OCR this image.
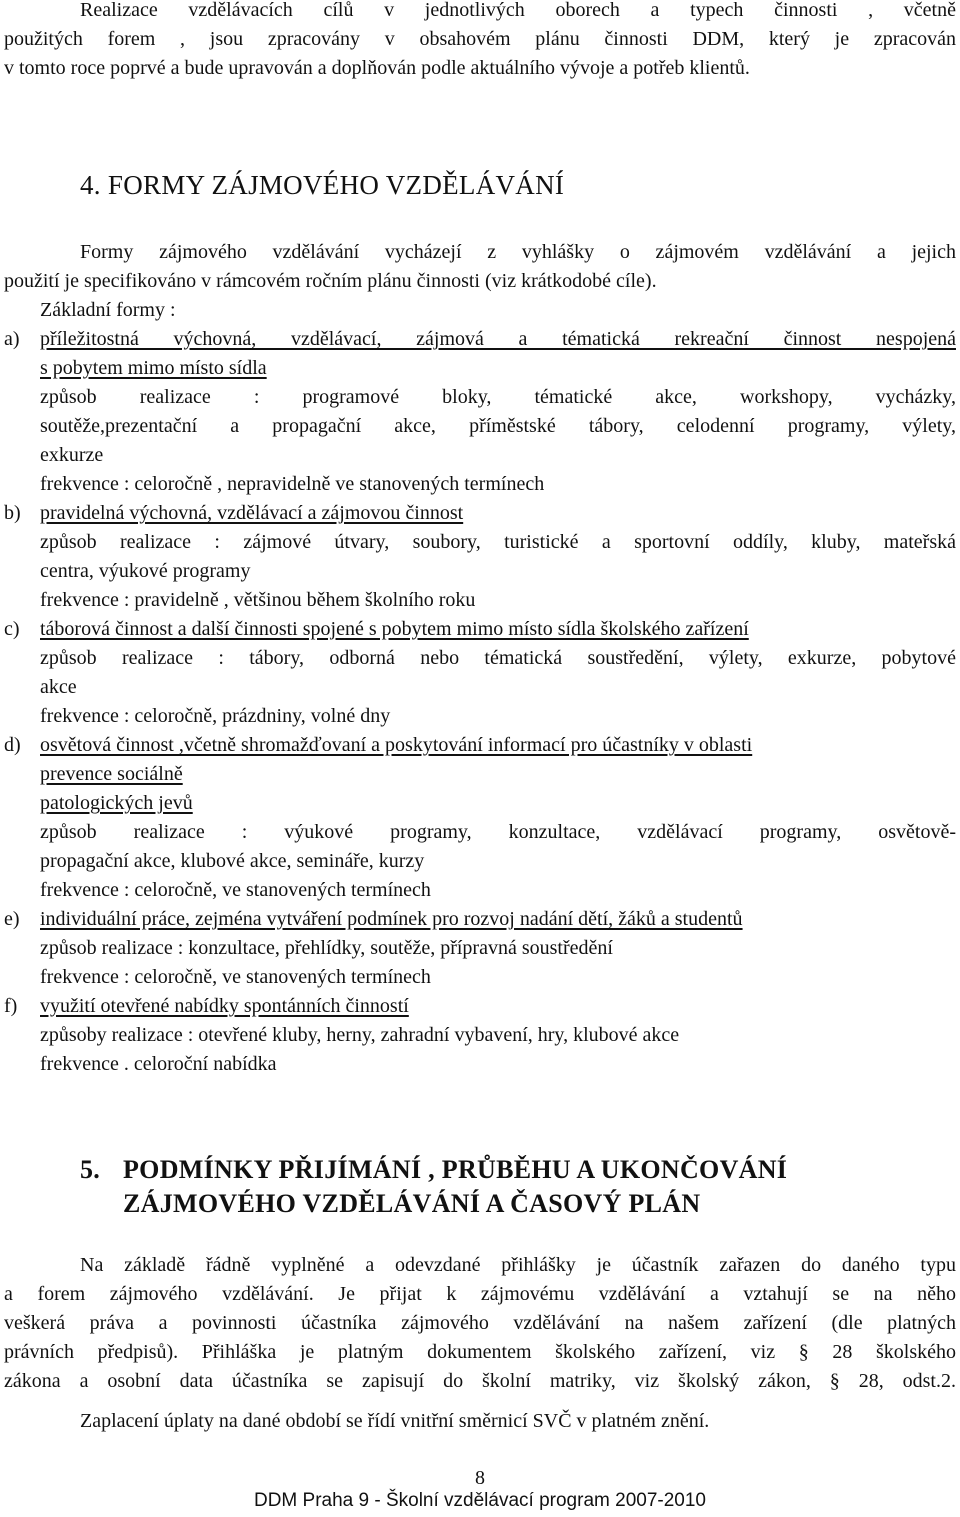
Realizace vzdělávacích cílů v jednotlivých oborech a typech činnosti , včetně
použitých forem , jsou zpracovány v obsahovém plánu činnosti DDM, který je zpracován
v tomto roce poprvé a bude upravován a doplňován podle aktuálního vývoje a potřeb klientů.
4. FORMY ZÁJMOVÉHO VZDĚLÁVÁNÍ
Formy zájmového vzdělávání vycházejí z vyhlášky o zájmovém vzdělávání a jejich
použití je specifikováno v rámcovém ročním plánu činnosti (viz krátkodobé cíle).
Základní formy :
a)	příležitostná výchovná, vzdělávací, zájmová a tématická rekreační činnost nespojená
s pobytem mimo místo sídla
způsob realizace : programové bloky, tématické akce, workshopy, vycházky,
soutěže,prezentační a propagační akce, příměstské tábory, celodenní programy, výlety,
exkurze
frekvence : celoročně , nepravidelně ve stanovených termínech
b) pravidelná výchovná, vzdělávací a zájmovou činnost
způsob realizace : zájmové útvary, soubory, turistické a sportovní oddíly, kluby, mateřská
centra, výukové programy
frekvence : pravidelně , většinou během školního roku
c)	táborová činnost a další činnosti spojené s pobytem mimo místo sídla školského zařízení
způsob realizace : tábory, odborná nebo tématická soustředění, výlety, exkurze, pobytové
akce
frekvence : celoročně, prázdniny, volné dny
d) osvětová činnost ,včetně shromažďovaní a poskytování informací pro účastníky v oblasti
prevence sociálně
patologických jevů
způsob realizace : výukové programy, konzultace, vzdělávací programy, osvětově-
propagační akce, klubové akce, semináře, kurzy
frekvence : celoročně, ve stanovených termínech
e)	individuální práce, zejména vytváření podmínek pro rozvoj nadání dětí, žáků a studentů
způsob realizace : konzultace, přehlídky, soutěže, přípravná soustředění
frekvence : celoročně, ve stanovených termínech
f)	využití otevřené nabídky spontánních činností
způsoby realizace : otevřené kluby, herny, zahradní vybavení, hry, klubové akce
frekvence . celoroční nabídka
5. PODMÍNKY PŘIJÍMÁNÍ , PRŮBĚHU A UKONČOVÁNÍ
ZÁJMOVÉHO VZDĚLÁVÁNÍ A ČASOVÝ PLÁN
Na základě řádně vyplněné a odevzdané přihlášky je účastník zařazen do daného typu
a forem zájmového vzdělávání. Je přijat k zájmovému vzdělávání a vztahují se na něho
veškerá práva a povinnosti účastníka zájmového vzdělávání na našem zařízení (dle platných
právních předpisů). Přihláška je platným dokumentem školského zařízení, viz § 28 školského
zákona a osobní data účastníka se zapisují do školní matriky, viz školský zákon, § 28, odst.2.
Zaplacení úplaty na dané období se řídí vnitřní směrnicí SVČ v platném znění.
8
DDM Praha 9 - Školní vzdělávací program 2007-2010
